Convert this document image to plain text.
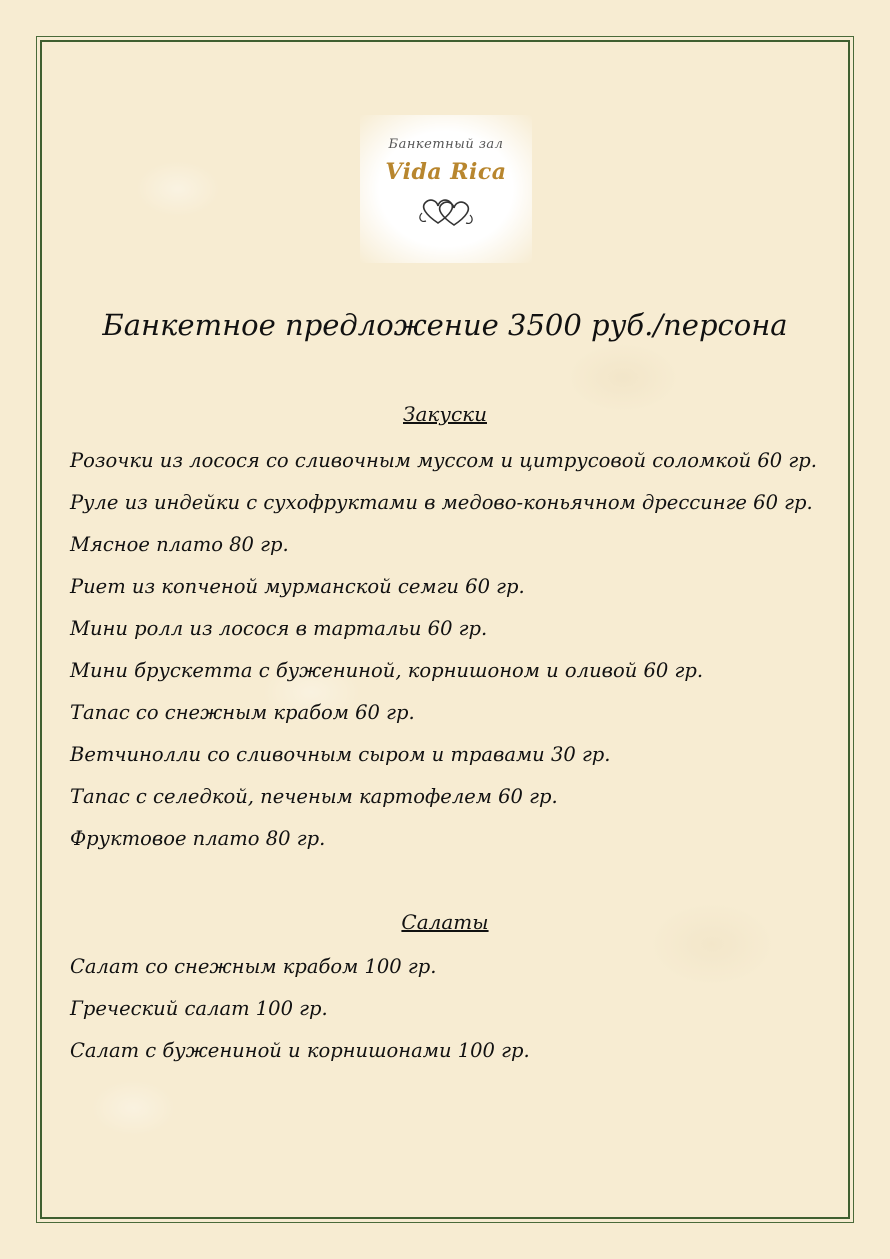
Банкетный зал
Vida Rica
Банкетное предложение 3500 руб./персона
Закуски
Розочки из лосося со сливочным муссом и цитрусовой соломкой 60 гр.
Руле из индейки с сухофруктами в медово-коньячном дрессинге 60 гр.
Мясное плато 80 гр.
Риет из копченой мурманской семги 60 гр.
Мини ролл из лосося в тартальи 60 гр.
Мини брускетта с бужениной, корнишоном и оливой 60 гр.
Тапас со снежным крабом 60 гр.
Ветчинолли со сливочным сыром и травами 30 гр.
Тапас с селедкой, печеным картофелем 60 гр.
Фруктовое плато 80 гр.
Салаты
Салат со снежным крабом 100 гр.
Греческий салат 100 гр.
Салат с бужениной и корнишонами 100 гр.
